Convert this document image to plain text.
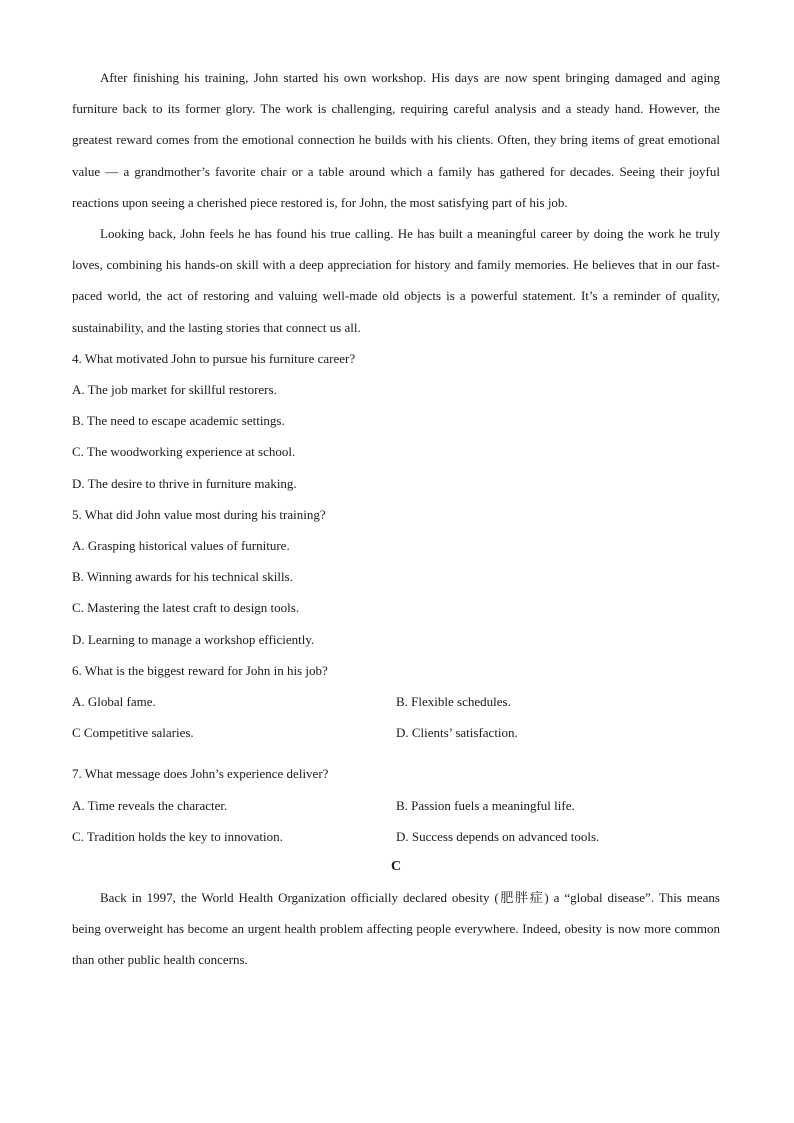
After finishing his training, John started his own workshop. His days are now spent bringing damaged and aging furniture back to its former glory. The work is challenging, requiring careful analysis and a steady hand. However, the greatest reward comes from the emotional connection he builds with his clients. Often, they bring items of great emotional value — a grandmother’s favorite chair or a table around which a family has gathered for decades. Seeing their joyful reactions upon seeing a cherished piece restored is, for John, the most satisfying part of his job.

Looking back, John feels he has found his true calling. He has built a meaningful career by doing the work he truly loves, combining his hands-on skill with a deep appreciation for history and family memories. He believes that in our fast-paced world, the act of restoring and valuing well-made old objects is a powerful statement. It’s a reminder of quality, sustainability, and the lasting stories that connect us all.

4. What motivated John to pursue his furniture career?

A. The job market for skillful restorers.

B. The need to escape academic settings.

C. The woodworking experience at school.

D. The desire to thrive in furniture making.

5. What did John value most during his training?

A. Grasping historical values of furniture.

B. Winning awards for his technical skills.

C. Mastering the latest craft to design tools.

D. Learning to manage a workshop efficiently.

6. What is the biggest reward for John in his job?

A. Global fame.	B. Flexible schedules.
C Competitive salaries.	D. Clients’ satisfaction.

7. What message does John’s experience deliver?

A. Time reveals the character.	B. Passion fuels a meaningful life.
C. Tradition holds the key to innovation.	D. Success depends on advanced tools.

C

Back in 1997, the World Health Organization officially declared obesity (肥胖症) a “global disease”. This means being overweight has become an urgent health problem affecting people everywhere. Indeed, obesity is now more common than other public health concerns.
